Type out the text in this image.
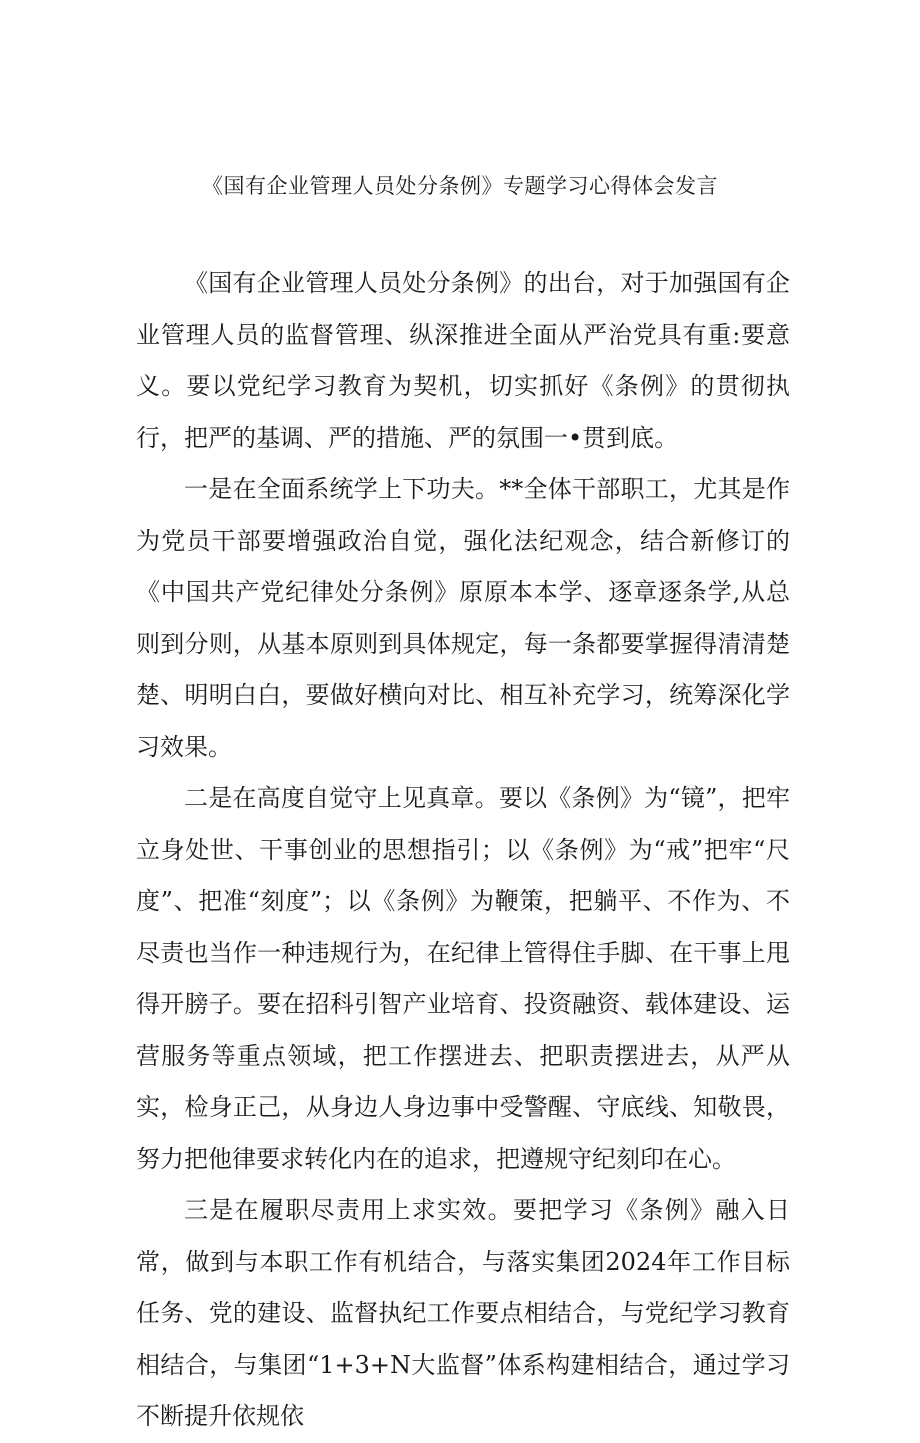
《国有企业管理人员处分条例》专题学习心得体会发言

《国有企业管理人员处分条例》的出台，对于加强国有企业管理人员的监督管理、纵深推进全面从严治党具有重:要意义。要以党纪学习教育为契机，切实抓好《条例》的贯彻执行，把严的基调、严的措施、严的氛围一•贯到底。

一是在全面系统学上下功夫。**全体干部职工，尤其是作为党员干部要增强政治自觉，强化法纪观念，结合新修订的《中国共产党纪律处分条例》原原本本学、逐章逐条学,从总则到分则，从基本原则到具体规定，每一条都要掌握得清清楚楚、明明白白，要做好横向对比、相互补充学习，统筹深化学习效果。

二是在高度自觉守上见真章。要以《条例》为“镜”，把牢立身处世、干事创业的思想指引；以《条例》为“戒”把牢“尺度”、把准“刻度”；以《条例》为鞭策，把躺平、不作为、不尽责也当作一种违规行为，在纪律上管得住手脚、在干事上甩得开膀子。要在招科引智产业培育、投资融资、载体建设、运营服务等重点领域，把工作摆进去、把职责摆进去，从严从实，检身正己，从身边人身边事中受警醒、守底线、知敬畏，努力把他律要求转化内在的追求，把遵规守纪刻印在心。

三是在履职尽责用上求实效。要把学习《条例》融入日常，做到与本职工作有机结合，与落实集团2024年工作目标任务、党的建设、监督执纪工作要点相结合，与党纪学习教育相结合，与集团“1+3+N大监督”体系构建相结合，通过学习不断提升依规依
